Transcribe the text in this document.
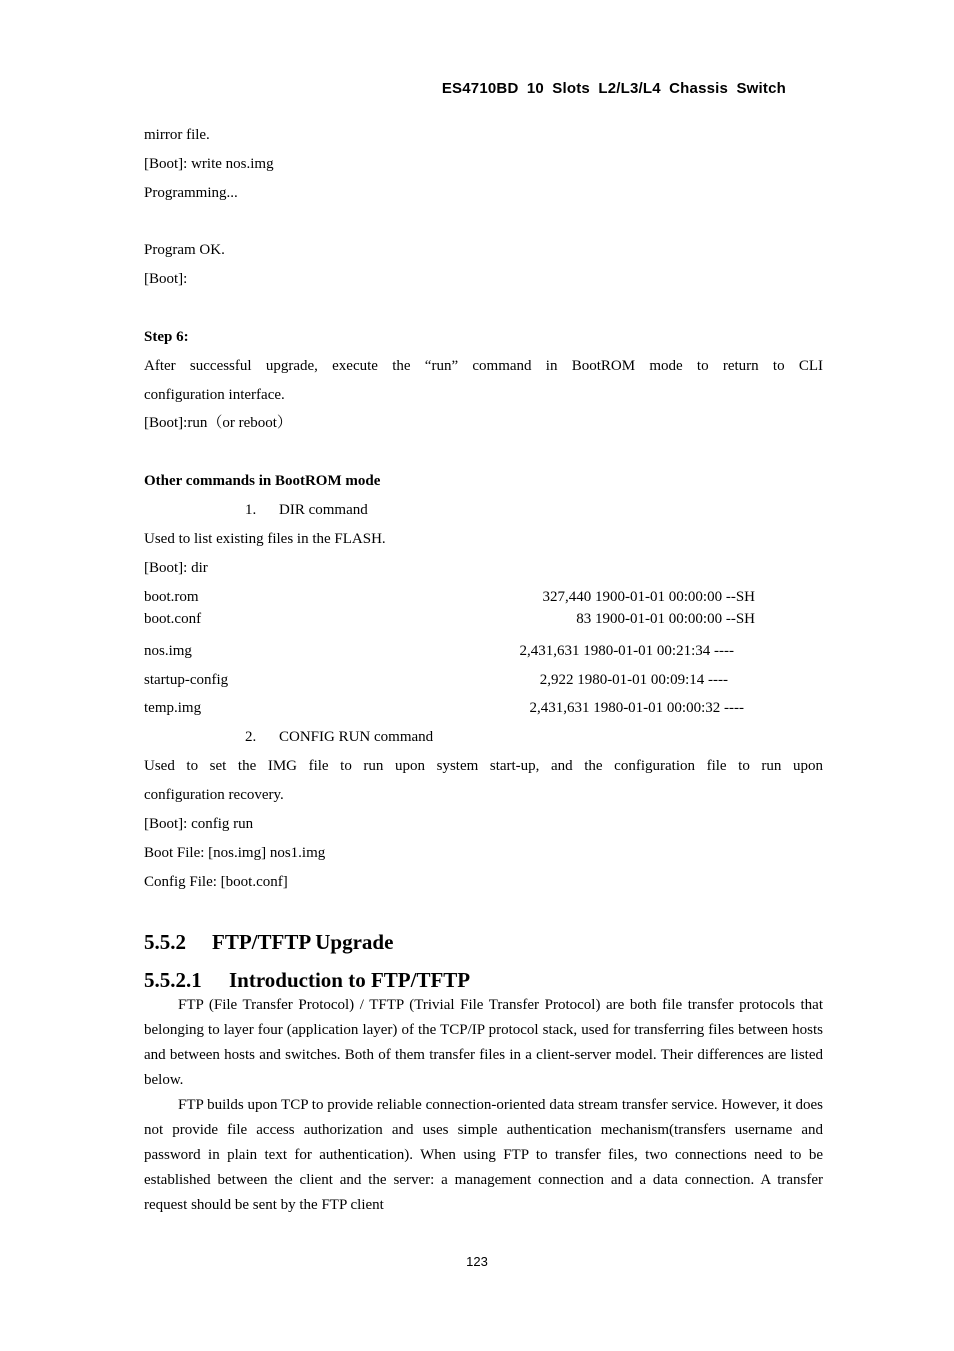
ES4710BD 10 Slots L2/L3/L4 Chassis Switch
mirror file.
[Boot]: write nos.img
Programming...
Program OK.
[Boot]:
Step 6:
After successful upgrade, execute the “run” command in BootROM mode to return to CLI
configuration interface.
[Boot]:run（or reboot）
Other commands in BootROM mode
1. DIR command
Used to list existing files in the FLASH.
[Boot]: dir
boot.rom	327,440 1900-01-01 00:00:00 --SH
boot.conf	83 1900-01-01 00:00:00 --SH
nos.img	2,431,631 1980-01-01 00:21:34 ----
startup-config	2,922 1980-01-01 00:09:14 ----
temp.img	2,431,631 1980-01-01 00:00:32 ----
2. CONFIG RUN command
Used to set the IMG file to run upon system start-up, and the configuration file to run upon
configuration recovery.
[Boot]: config run
Boot File: [nos.img] nos1.img
Config File: [boot.conf]
5.5.2 FTP/TFTP Upgrade
5.5.2.1 Introduction to FTP/TFTP
FTP (File Transfer Protocol) / TFTP (Trivial File Transfer Protocol) are both file transfer protocols that belonging to layer four (application layer) of the TCP/IP protocol stack, used for transferring files between hosts and between hosts and switches. Both of them transfer files in a client-server model. Their differences are listed below.
FTP builds upon TCP to provide reliable connection-oriented data stream transfer service. However, it does not provide file access authorization and uses simple authentication mechanism(transfers username and password in plain text for authentication). When using FTP to transfer files, two connections need to be established between the client and the server: a management connection and a data connection. A transfer request should be sent by the FTP client
123
